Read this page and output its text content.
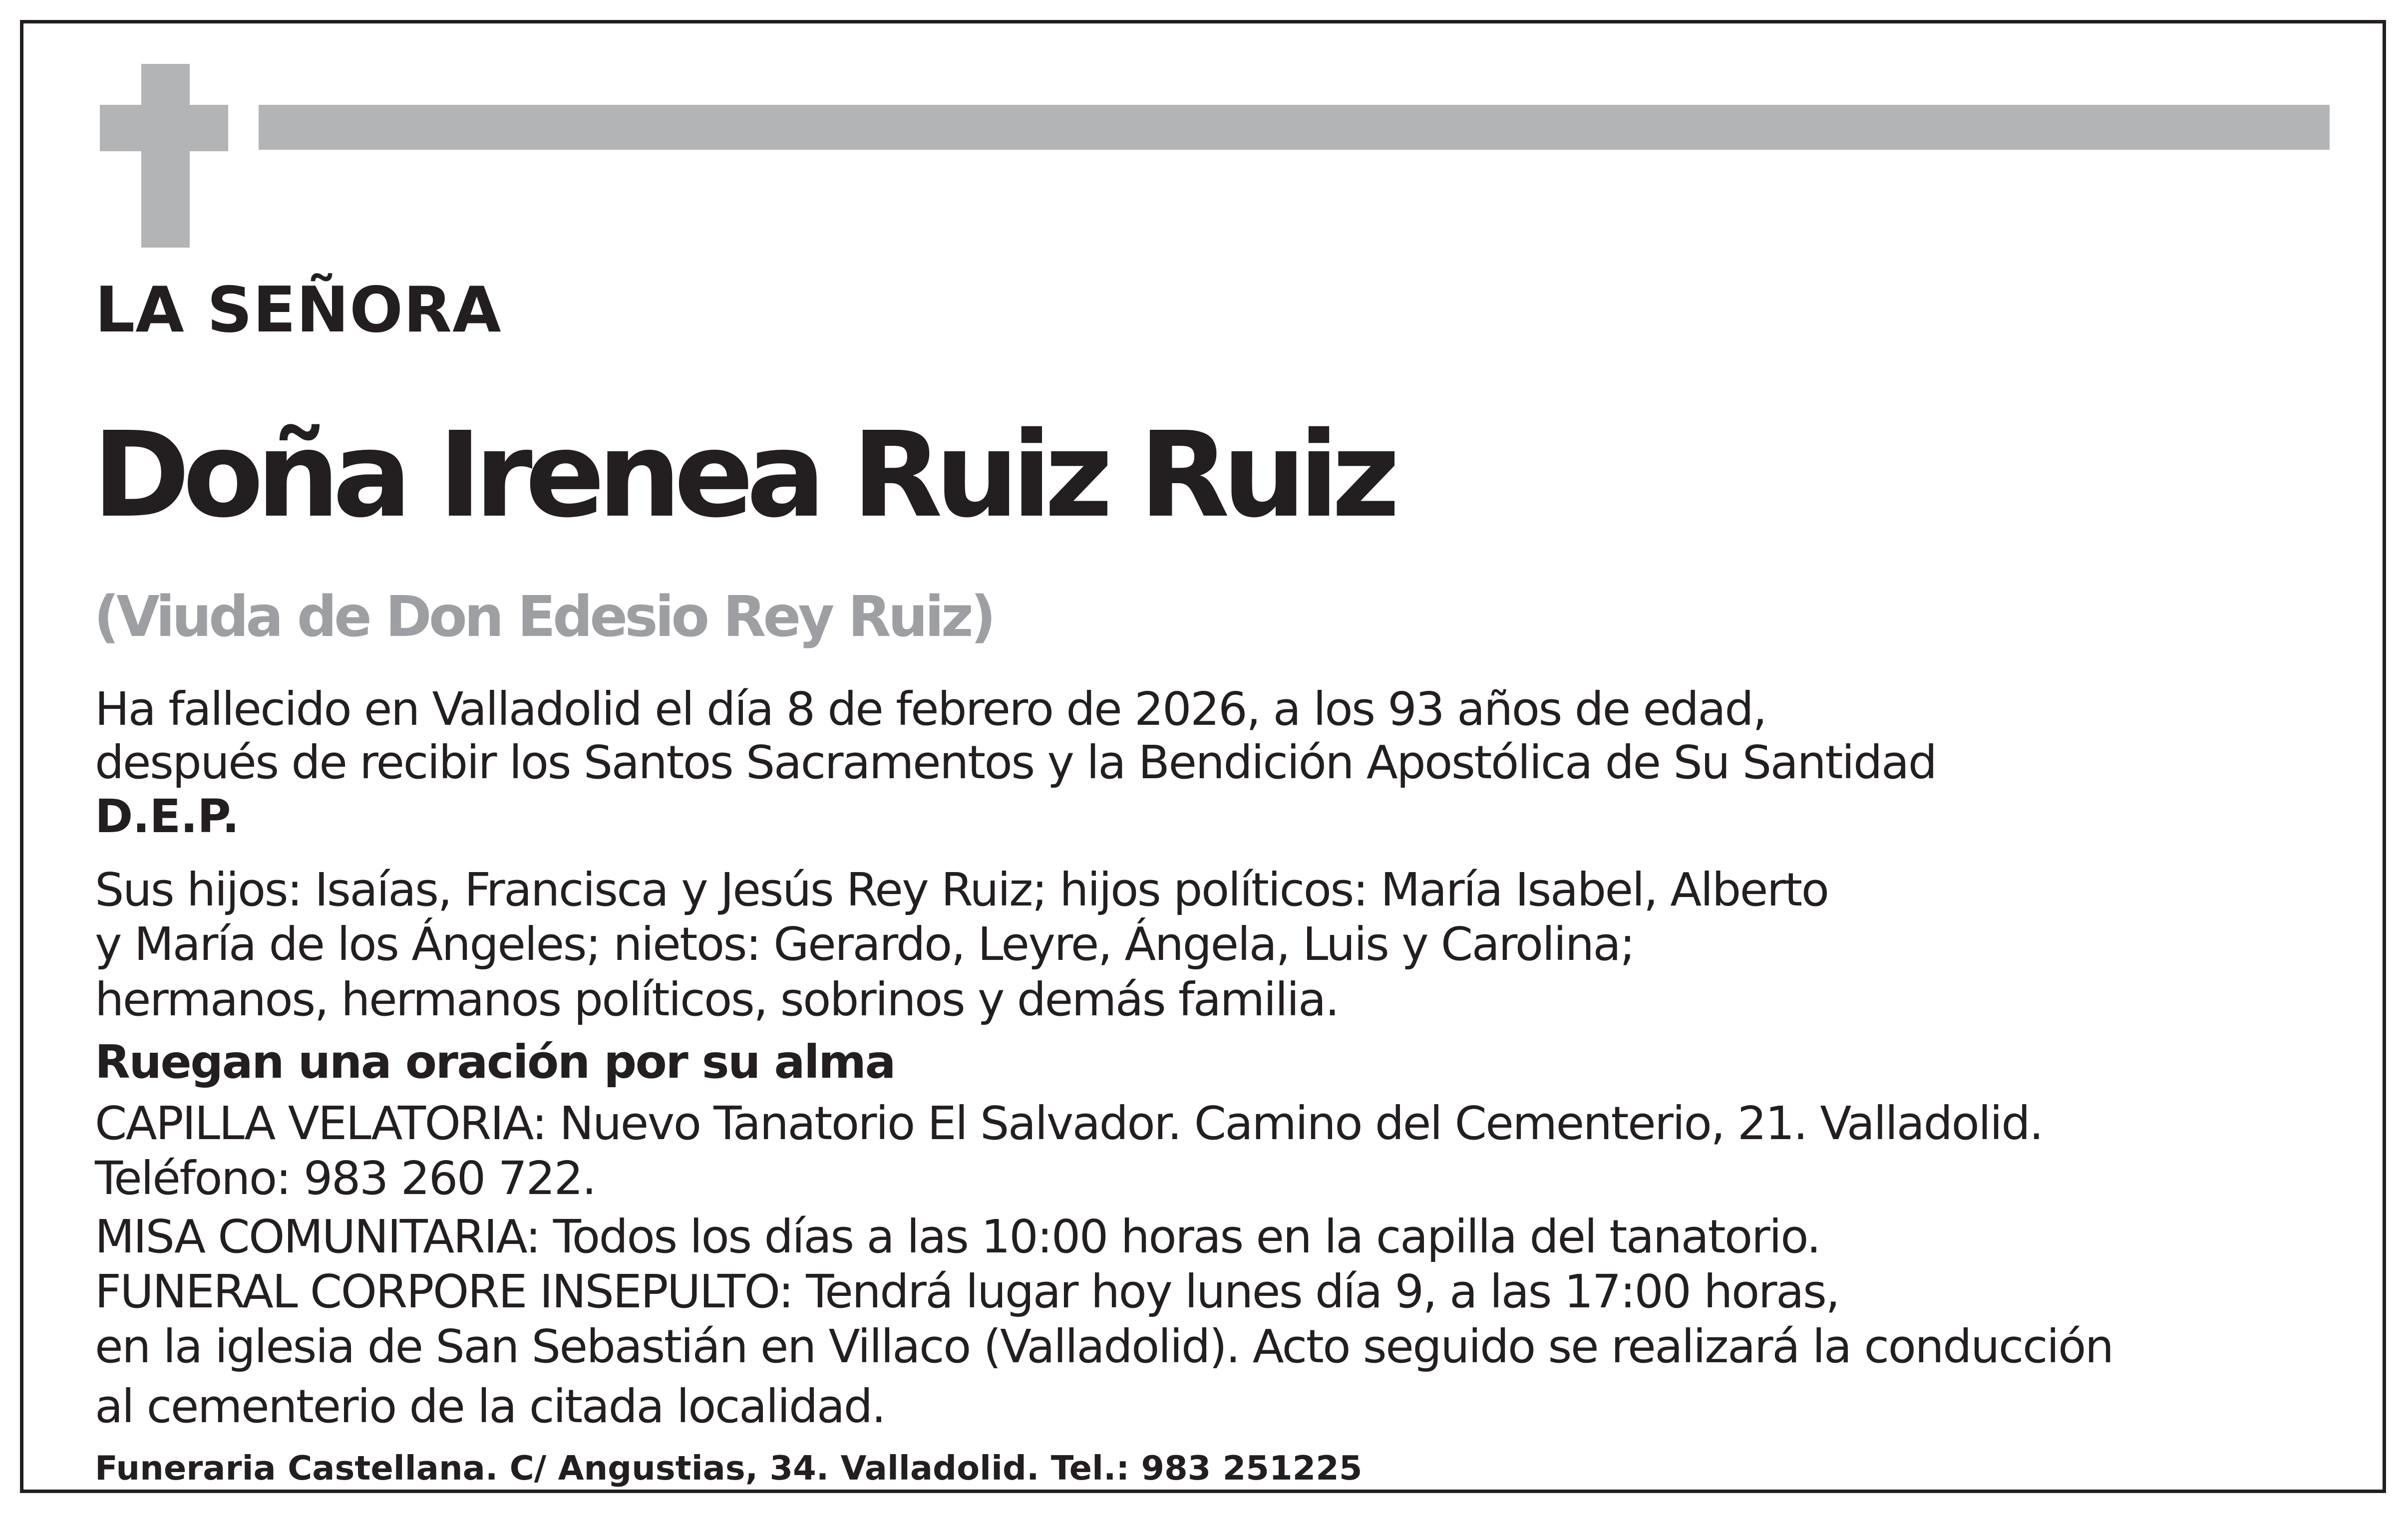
LA SEÑORA
Doña Irenea Ruiz Ruiz
(Viuda de Don Edesio Rey Ruiz)
Ha fallecido en Valladolid el día 8 de febrero de 2026, a los 93 años de edad,
después de recibir los Santos Sacramentos y la Bendición Apostólica de Su Santidad
D.E.P.
Sus hijos: Isaías, Francisca y Jesús Rey Ruiz; hijos políticos: María Isabel, Alberto
y María de los Ángeles; nietos: Gerardo, Leyre, Ángela, Luis y Carolina;
hermanos, hermanos políticos, sobrinos y demás familia.
Ruegan una oración por su alma
CAPILLA VELATORIA: Nuevo Tanatorio El Salvador. Camino del Cementerio, 21. Valladolid.
Teléfono: 983 260 722.
MISA COMUNITARIA: Todos los días a las 10:00 horas en la capilla del tanatorio.
FUNERAL CORPORE INSEPULTO: Tendrá lugar hoy lunes día 9, a las 17:00 horas,
en la iglesia de San Sebastián en Villaco (Valladolid). Acto seguido se realizará la conducción
al cementerio de la citada localidad.
Funeraria Castellana. C/ Angustias, 34. Valladolid. Tel.: 983 251225
